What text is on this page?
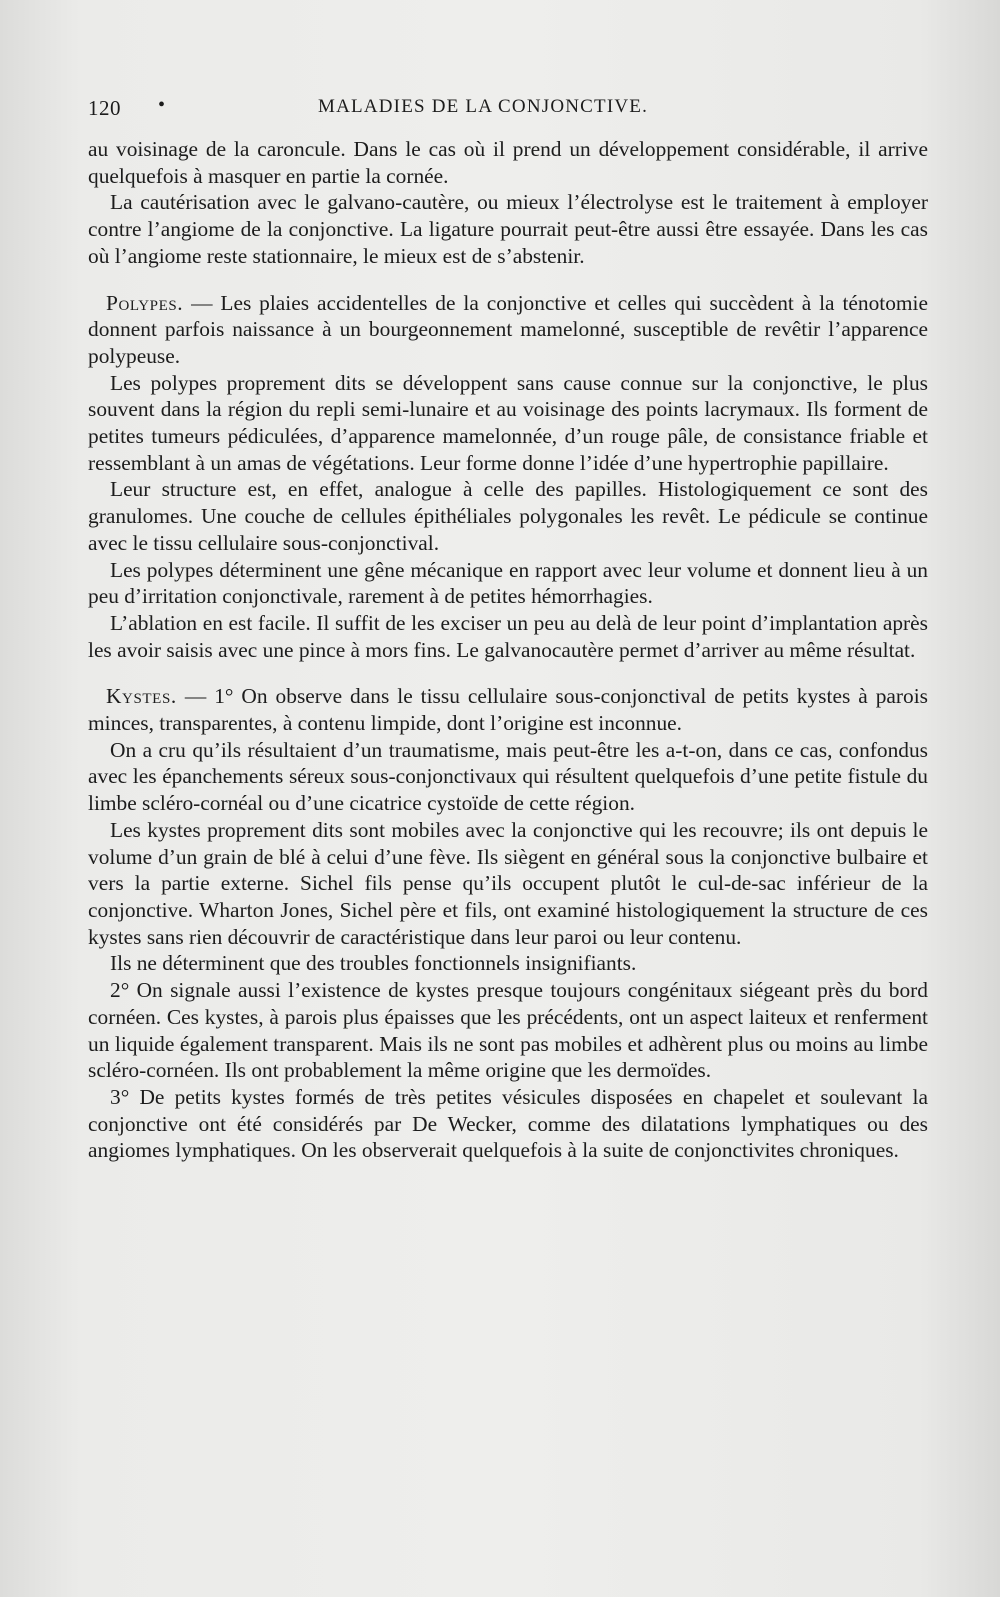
120 •	MALADIES DE LA CONJONCTIVE.

au voisinage de la caroncule. Dans le cas où il prend un développement considérable, il arrive quelquefois à masquer en partie la cornée.

La cautérisation avec le galvano-cautère, ou mieux l’électrolyse est le traitement à employer contre l’angiome de la conjonctive. La ligature pourrait peut-être aussi être essayée. Dans les cas où l’angiome reste stationnaire, le mieux est de s’abstenir.

Polypes. — Les plaies accidentelles de la conjonctive et celles qui succèdent à la ténotomie donnent parfois naissance à un bourgeonnement mamelonné, susceptible de revêtir l’apparence polypeuse.

Les polypes proprement dits se développent sans cause connue sur la conjonctive, le plus souvent dans la région du repli semi-lunaire et au voisinage des points lacrymaux. Ils forment de petites tumeurs pédiculées, d’apparence mamelonnée, d’un rouge pâle, de consistance friable et ressemblant à un amas de végétations. Leur forme donne l’idée d’une hypertrophie papillaire.

Leur structure est, en effet, analogue à celle des papilles. Histologiquement ce sont des granulomes. Une couche de cellules épithéliales polygonales les revêt. Le pédicule se continue avec le tissu cellulaire sous-conjonctival.

Les polypes déterminent une gêne mécanique en rapport avec leur volume et donnent lieu à un peu d’irritation conjonctivale, rarement à de petites hémorrhagies.

L’ablation en est facile. Il suffit de les exciser un peu au delà de leur point d’implantation après les avoir saisis avec une pince à mors fins. Le galvanocautère permet d’arriver au même résultat.

Kystes. — 1° On observe dans le tissu cellulaire sous-conjonctival de petits kystes à parois minces, transparentes, à contenu limpide, dont l’origine est inconnue.

On a cru qu’ils résultaient d’un traumatisme, mais peut-être les a-t-on, dans ce cas, confondus avec les épanchements séreux sous-conjonctivaux qui résultent quelquefois d’une petite fistule du limbe scléro-cornéal ou d’une cicatrice cystoïde de cette région.

Les kystes proprement dits sont mobiles avec la conjonctive qui les recouvre; ils ont depuis le volume d’un grain de blé à celui d’une fève. Ils siègent en général sous la conjonctive bulbaire et vers la partie externe. Sichel fils pense qu’ils occupent plutôt le cul-de-sac inférieur de la conjonctive. Wharton Jones, Sichel père et fils, ont examiné histologiquement la structure de ces kystes sans rien découvrir de caractéristique dans leur paroi ou leur contenu.

Ils ne déterminent que des troubles fonctionnels insignifiants.

2° On signale aussi l’existence de kystes presque toujours congénitaux siégeant près du bord cornéen. Ces kystes, à parois plus épaisses que les précédents, ont un aspect laiteux et renferment un liquide également transparent. Mais ils ne sont pas mobiles et adhèrent plus ou moins au limbe scléro-cornéen. Ils ont probablement la même origine que les dermoïdes.

3° De petits kystes formés de très petites vésicules disposées en chapelet et soulevant la conjonctive ont été considérés par De Wecker, comme des dilatations lymphatiques ou des angiomes lymphatiques. On les observerait quelquefois à la suite de conjonctivites chroniques.
